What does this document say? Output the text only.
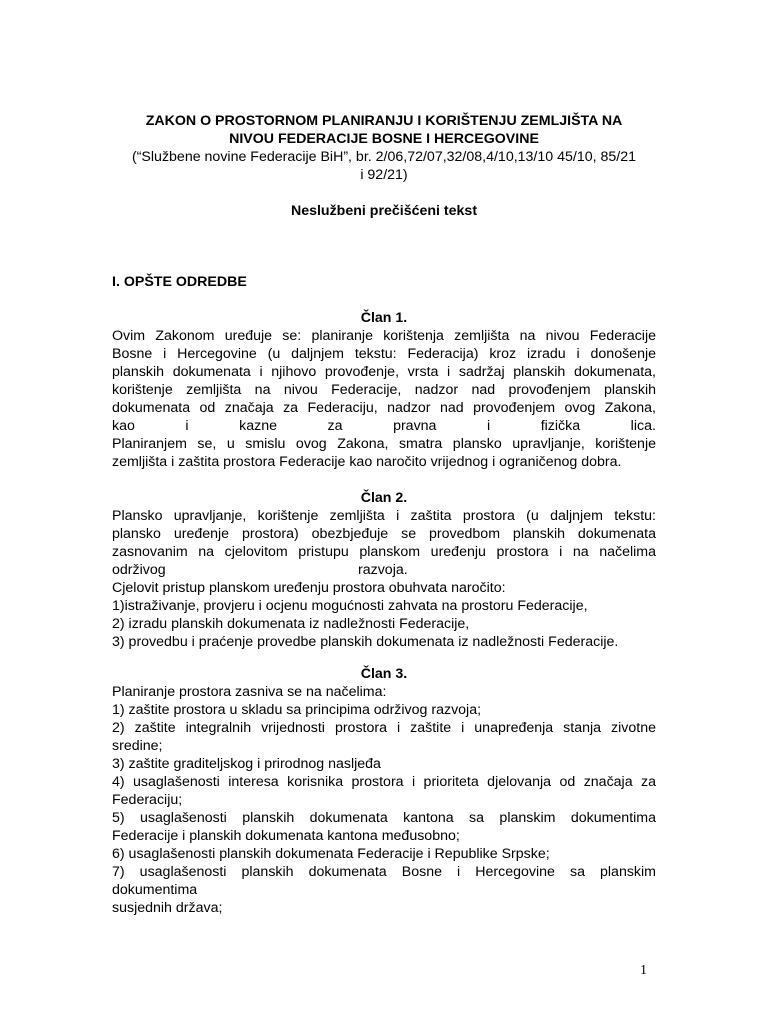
ZAKON O PROSTORNOM PLANIRANJU I KORIŠTENJU ZEMLJIŠTA NA
NIVOU FEDERACIJE BOSNE I HERCEGOVINE
(“Službene novine Federacije BiH”, br. 2/06,72/07,32/08,4/10,13/10 45/10, 85/21
i 92/21)
Neslužbeni prečišćeni tekst
I. OPŠTE ODREDBE
Član 1.
Ovim Zakonom uređuje se: planiranje korištenja zemljišta na nivou Federacije
Bosne i Hercegovine (u daljnjem tekstu: Federacija) kroz izradu i donošenje
planskih dokumenata i njihovo provođenje, vrsta i sadržaj planskih dokumenata,
korištenje zemljišta na nivou Federacije, nadzor nad provođenjem planskih
dokumenata od značaja za Federaciju, nadzor nad provođenjem ovog Zakona,
kao	i	kazne	za	pravna	i	fizička	lica.
Planiranjem se, u smislu ovog Zakona, smatra plansko upravljanje, korištenje
zemljišta i zaštita prostora Federacije kao naročito vrijednog i ograničenog dobra.
Član 2.
Plansko upravljanje, korištenje zemljišta i zaštita prostora (u daljnjem tekstu:
plansko uređenje prostora) obezbjeđuje se provedbom planskih dokumenata
zasnovanim na cjelovitom pristupu planskom uređenju prostora i na načelima
održivog	razvoja.
Cjelovit pristup planskom uređenju prostora obuhvata naročito:
1)istraživanje, provjeru i ocjenu mogućnosti zahvata na prostoru Federacije,
2) izradu planskih dokumenata iz nadležnosti Federacije,
3) provedbu i praćenje provedbe planskih dokumenata iz nadležnosti Federacije.
Član 3.
Planiranje prostora zasniva se na načelima:
1) zaštite prostora u skladu sa principima održivog razvoja;
2) zaštite integralnih vrijednosti prostora i zaštite i unapređenja stanja zivotne
sredine;
3) zaštite graditeljskog i prirodnog nasljeđa
4) usaglašenosti interesa korisnika prostora i prioriteta djelovanja od značaja za
Federaciju;
5) usaglašenosti planskih dokumenata kantona sa planskim dokumentima
Federacije i planskih dokumenata kantona međusobno;
6) usaglašenosti planskih dokumenata Federacije i Republike Srpske;
7) usaglašenosti planskih dokumenata Bosne i Hercegovine sa planskim
dokumentima
susjednih država;
1
